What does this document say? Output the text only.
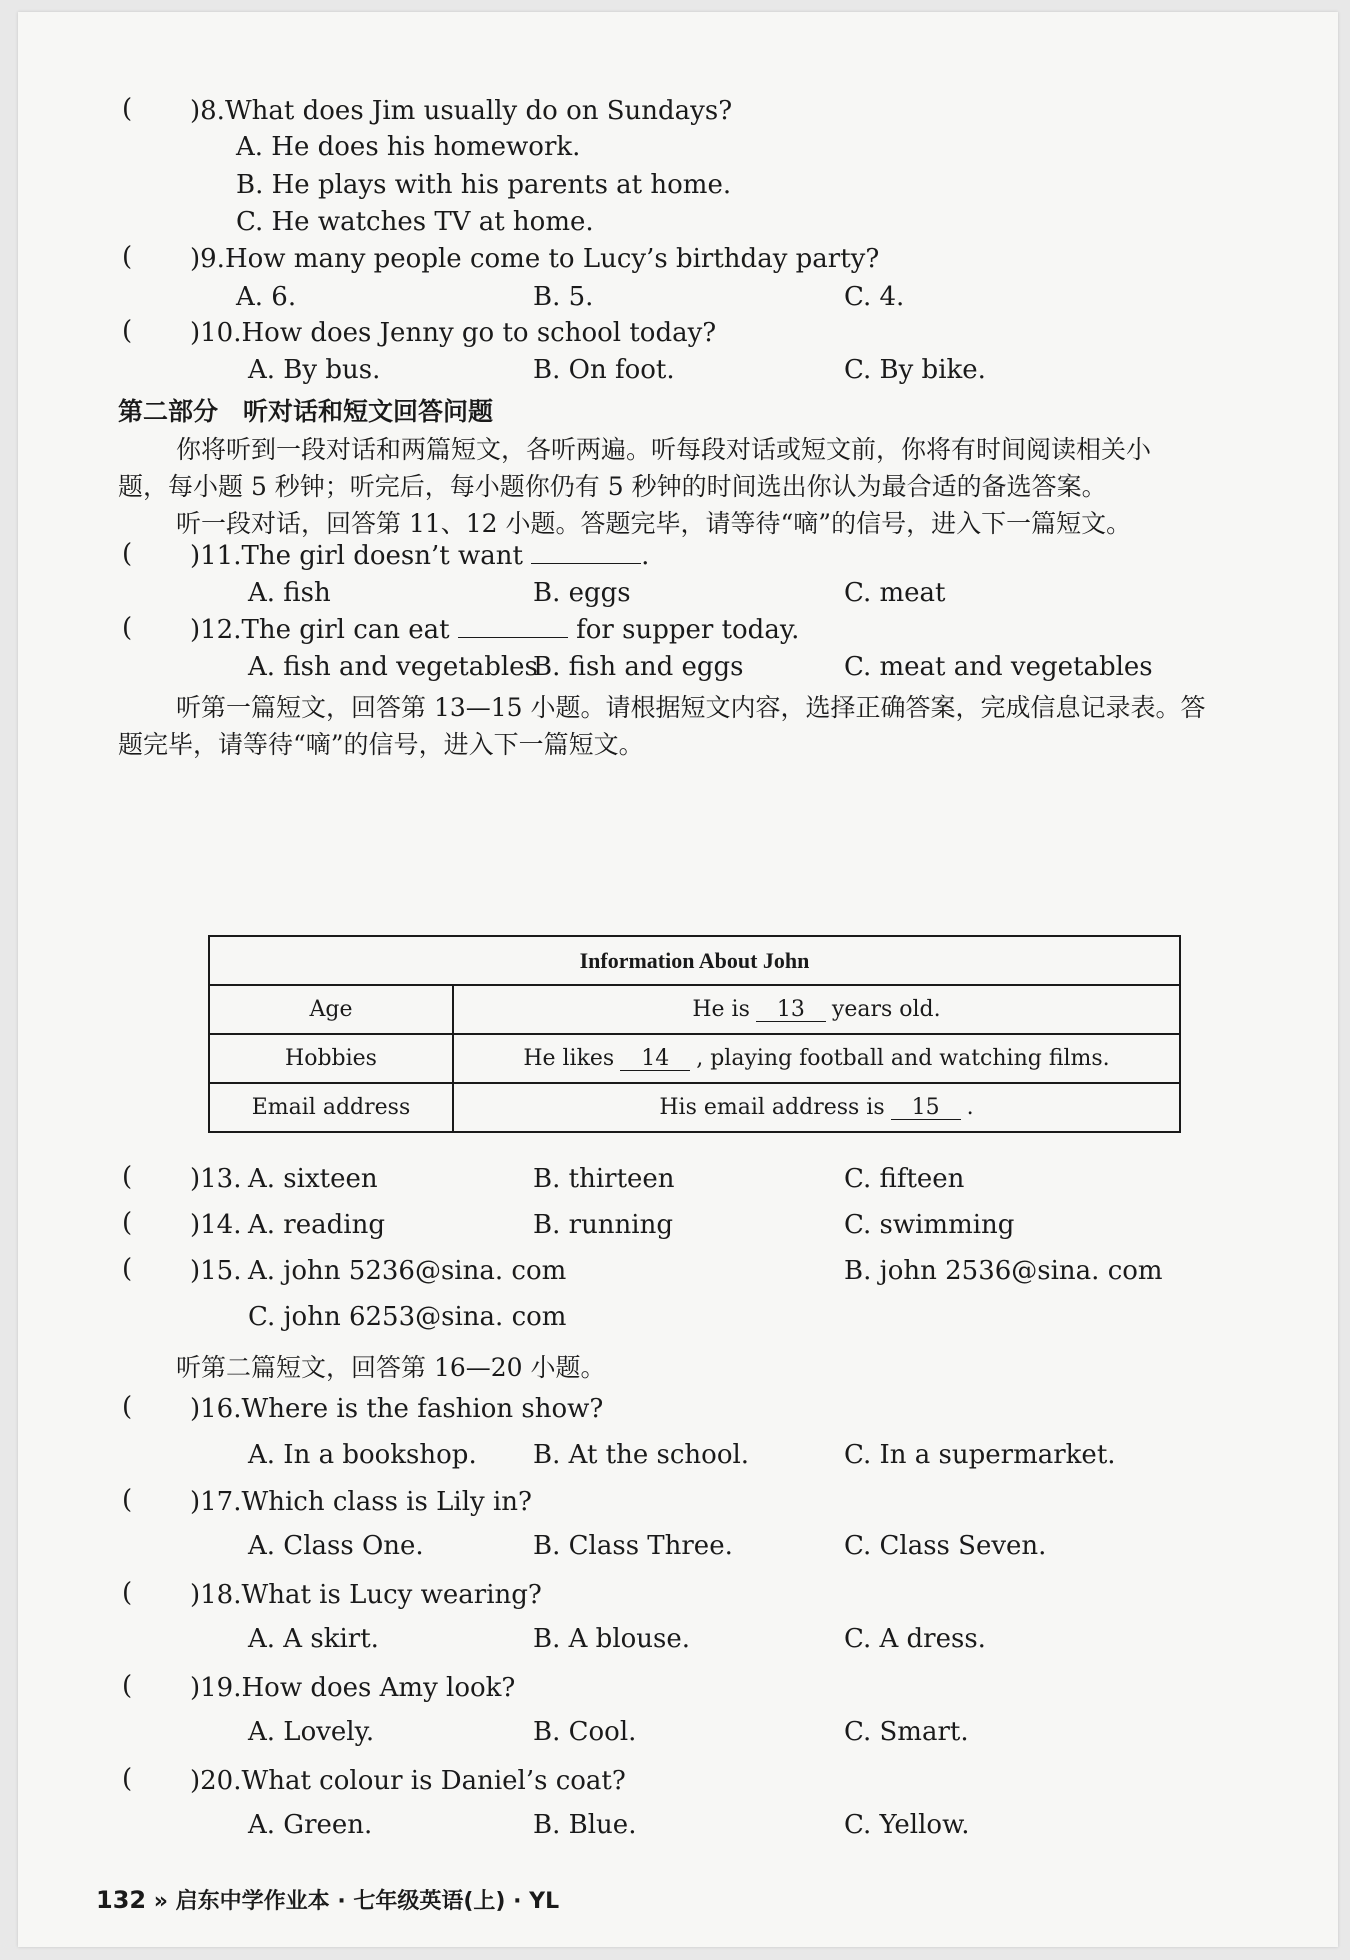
( )8.What does Jim usually do on Sundays?
A. He does his homework.
B. He plays with his parents at home.
C. He watches TV at home.
( )9.How many people come to Lucy’s birthday party?
A. 6.	B. 5.	C. 4.
( )10.How does Jenny go to school today?
A. By bus.	B. On foot.	C. By bike.
第二部分　听对话和短文回答问题
你将听到一段对话和两篇短文，各听两遍。听每段对话或短文前，你将有时间阅读相关小
题，每小题 5 秒钟；听完后，每小题你仍有 5 秒钟的时间选出你认为最合适的备选答案。
听一段对话，回答第 11、12 小题。答题完毕，请等待“嘀”的信号，进入下一篇短文。
( )11.The girl doesn’t want	.
A. fish	B. eggs	C. meat
( )12.The girl can eat	for supper today.
A. fish and vegetables
B. fish and eggs	C. meat and vegetables
听第一篇短文，回答第 13—15 小题。请根据短文内容，选择正确答案，完成信息记录表。答
题完毕，请等待“嘀”的信号，进入下一篇短文。
Information About John	
Age	He is 13 years old.
Hobbies	He likes 14 , playing football and watching films.
Email address	His email address is 15 .
( )13. A. sixteen	B. thirteen	C. fifteen
( )14. A. reading	B. running	C. swimming
( )15. A. john 5236@sina. com	B. john 2536@sina. com
C. john 6253@sina. com
听第二篇短文，回答第 16—20 小题。
( )16.Where is the fashion show?
A. In a bookshop. B. At the school.	C. In a supermarket.
( )17.Which class is Lily in?
A. Class One.	B. Class Three.	C. Class Seven.
( )18.What is Lucy wearing?
A. A skirt.	B. A blouse.	C. A dress.
( )19.How does Amy look?
A. Lovely.	B. Cool.	C. Smart.
( )20.What colour is Daniel’s coat?
A. Green.	B. Blue.	C. Yellow.
132 » 启东中学作业本 · 七年级英语(上) · YL
